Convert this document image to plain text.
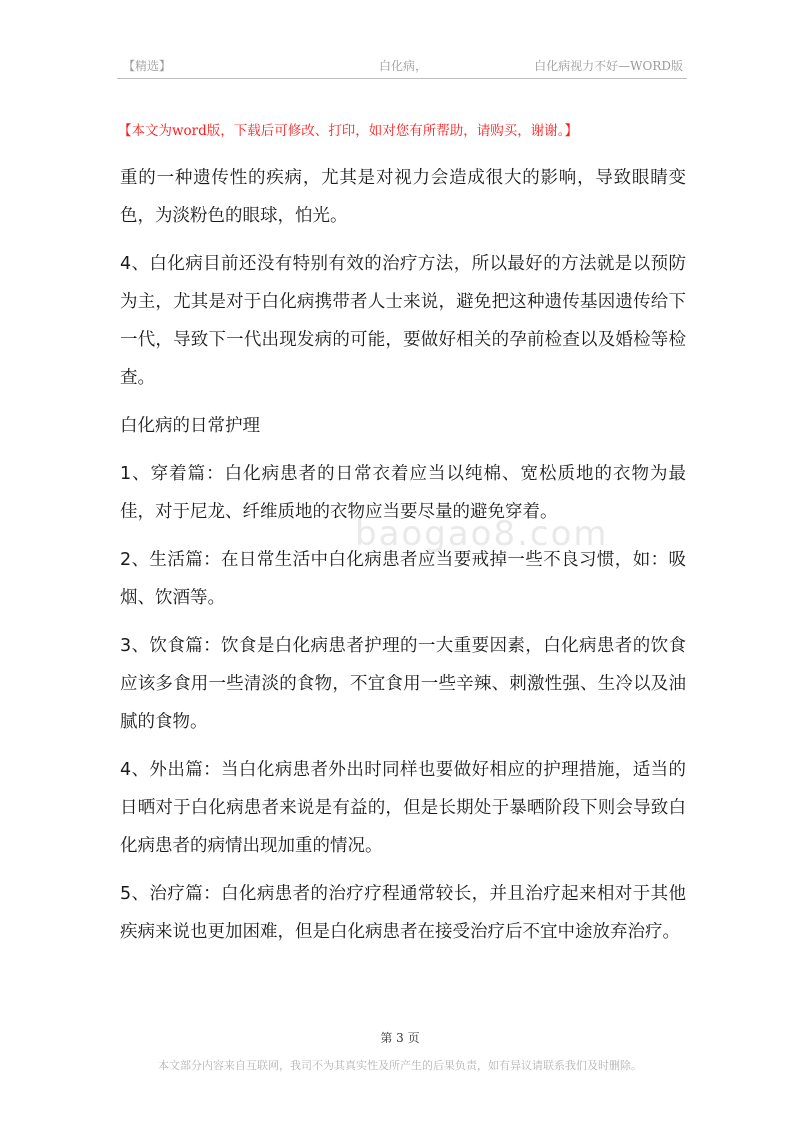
【精选】	白化病，	白化病视力不好—WORD版
【本文为word版，下载后可修改、打印，如对您有所帮助，请购买，谢谢。】

重的一种遗传性的疾病，尤其是对视力会造成很大的影响，导致眼睛变色，为淡粉色的眼球，怕光。

4、白化病目前还没有特别有效的治疗方法，所以最好的方法就是以预防为主，尤其是对于白化病携带者人士来说，避免把这种遗传基因遗传给下一代，导致下一代出现发病的可能，要做好相关的孕前检查以及婚检等检查。

白化病的日常护理

1、穿着篇：白化病患者的日常衣着应当以纯棉、宽松质地的衣物为最佳，对于尼龙、纤维质地的衣物应当要尽量的避免穿着。

2、生活篇：在日常生活中白化病患者应当要戒掉一些不良习惯，如：吸烟、饮酒等。

3、饮食篇：饮食是白化病患者护理的一大重要因素，白化病患者的饮食应该多食用一些清淡的食物，不宜食用一些辛辣、刺激性强、生冷以及油腻的食物。

4、外出篇：当白化病患者外出时同样也要做好相应的护理措施，适当的日晒对于白化病患者来说是有益的，但是长期处于暴晒阶段下则会导致白化病患者的病情出现加重的情况。

5、治疗篇：白化病患者的治疗疗程通常较长，并且治疗起来相对于其他疾病来说也更加困难，但是白化病患者在接受治疗后不宜中途放弃治疗。

baogao8.com
第 3 页
本文部分内容来自互联网，我司不为其真实性及所产生的后果负责，如有异议请联系我们及时删除。
